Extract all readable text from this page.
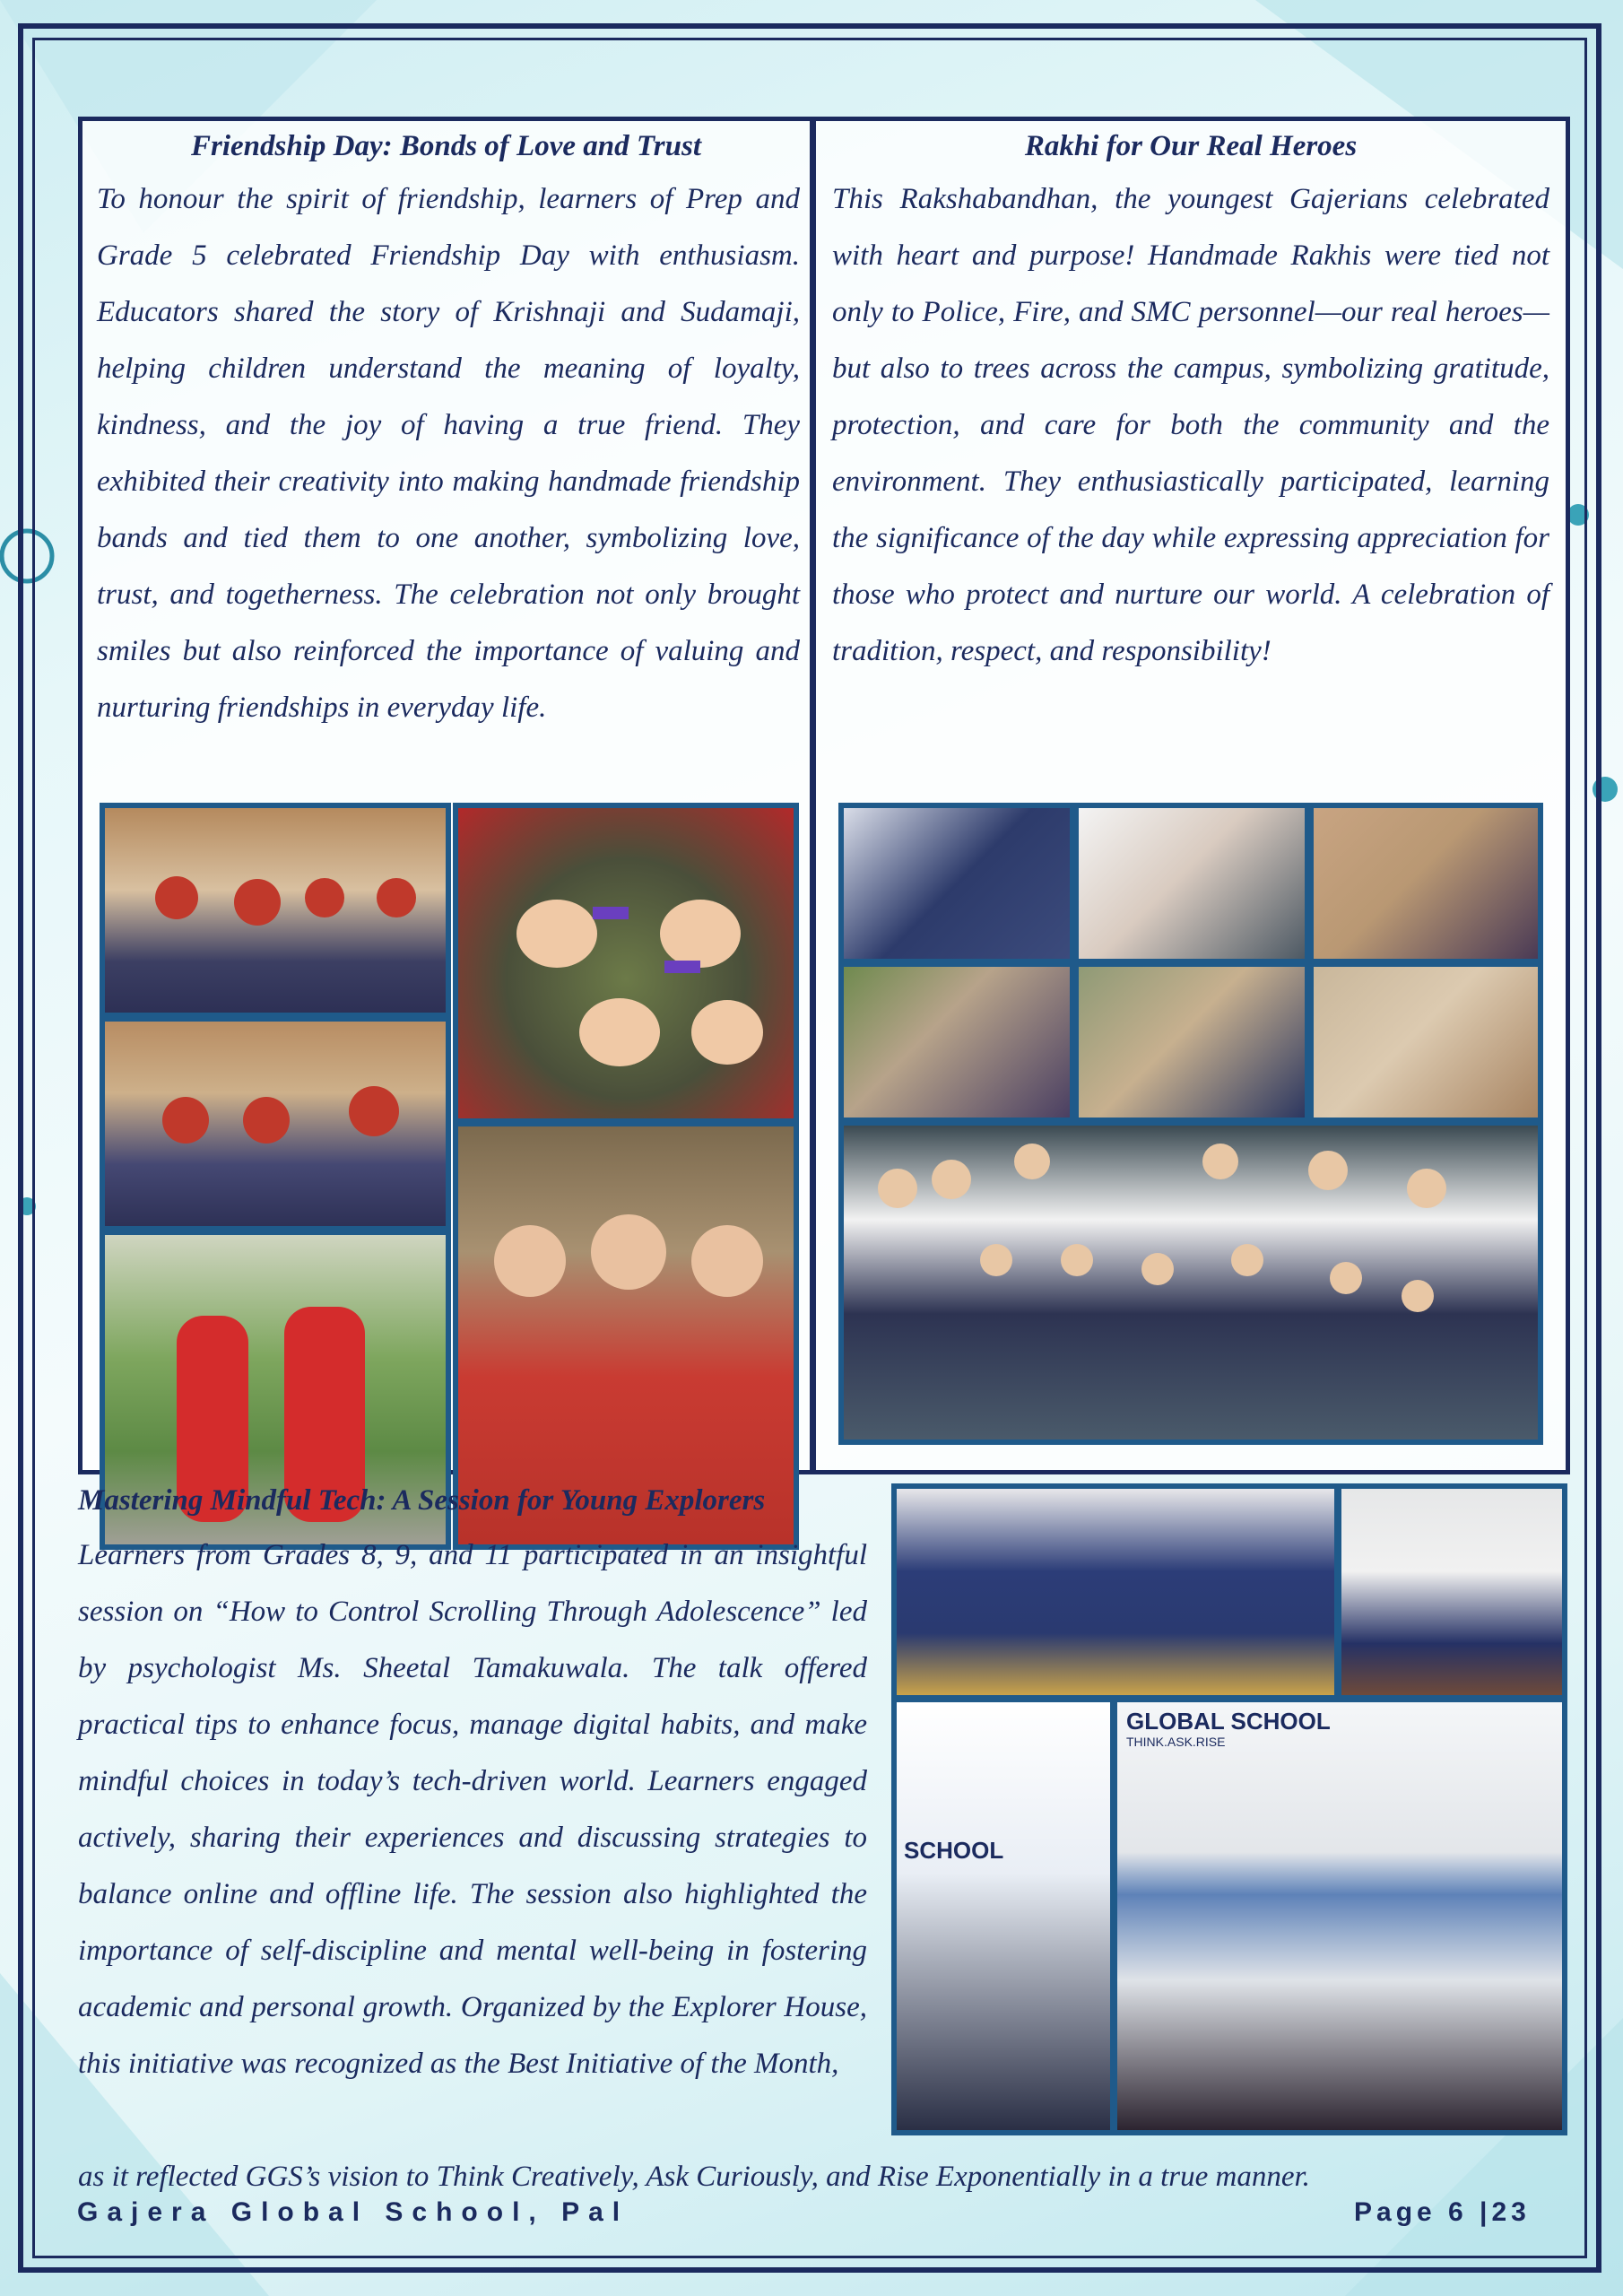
Friendship Day: Bonds of Love and Trust
To honour the spirit of friendship, learners of Prep and Grade 5 celebrated Friendship Day with enthusiasm. Educators shared the story of Krishnaji and Sudamaji, helping children understand the meaning of loyalty, kindness, and the joy of having a true friend. They exhibited their creativity into making handmade friendship bands and tied them to one another, symbolizing love, trust, and togetherness. The celebration not only brought smiles but also reinforced the importance of valuing and nurturing friendships in everyday life.
Rakhi for Our Real Heroes
This Rakshabandhan, the youngest Gajerians celebrated with heart and purpose! Handmade Rakhis were tied not only to Police, Fire, and SMC personnel—our real heroes—but also to trees across the campus, symbolizing gratitude, protection, and care for both the community and the environment. They enthusiastically participated, learning the significance of the day while expressing appreciation for those who protect and nurture our world. A celebration of tradition, respect, and responsibility!
Mastering Mindful Tech: A Session for Young Explorers
Learners from Grades 8, 9, and 11 participated in an insightful session on “How to Control Scrolling Through Adolescence” led by psychologist Ms. Sheetal Tamakuwala. The talk offered practical tips to enhance focus, manage digital habits, and make mindful choices in today’s tech-driven world. Learners engaged actively, sharing their experiences and discussing strategies to balance online and offline life. The session also highlighted the importance of self-discipline and mental well-being in fostering academic and personal growth. Organized by the Explorer House, this initiative was recognized as the Best Initiative of the Month,
as it reflected GGS’s vision to Think Creatively, Ask Curiously, and Rise Exponentially in a true manner.
SCHOOL
GLOBAL SCHOOL
THINK.ASK.RISE
Gajera Global School, Pal	Page 6 |23
